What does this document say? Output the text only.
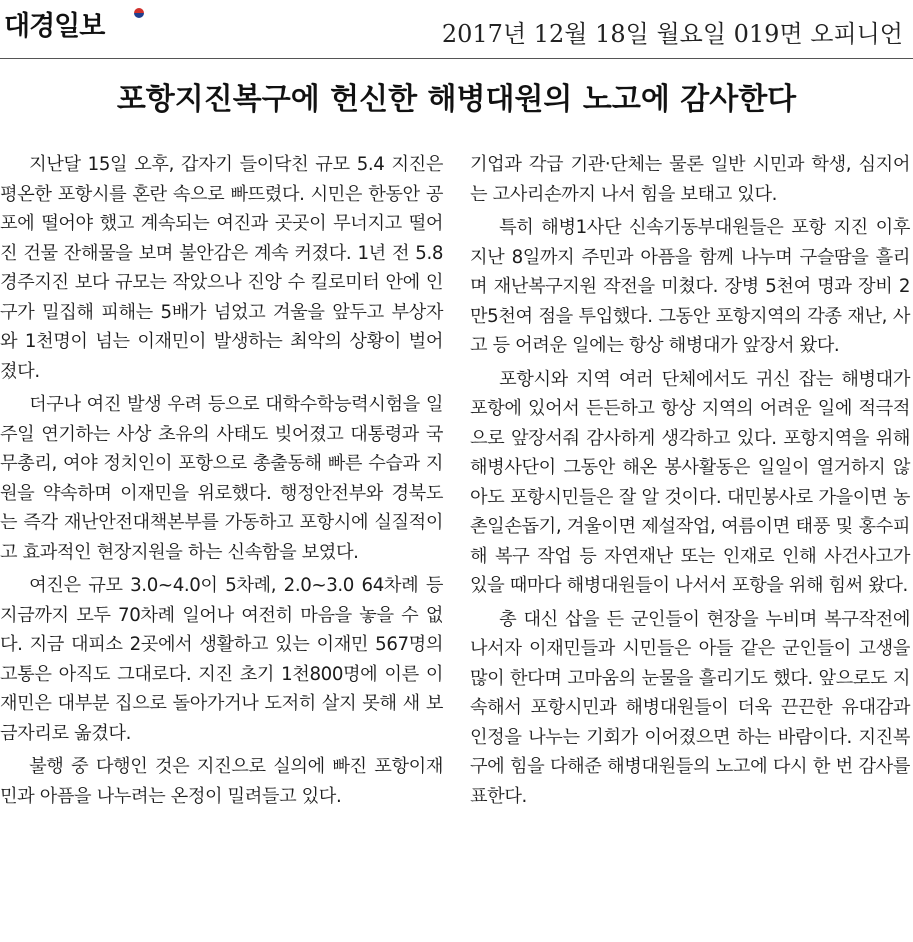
대경일보	2017년 12월 18일 월요일 019면 오피니언
포항지진복구에 헌신한 해병대원의 노고에 감사한다

지난달 15일 오후, 갑자기 들이닥친 규모 5.4 지진은 평온한 포항시를 혼란 속으로 빠뜨렸다. 시민은 한동안 공포에 떨어야 했고 계속되는 여진과 곳곳이 무너지고 떨어진 건물 잔해물을 보며 불안감은 계속 커졌다. 1년 전 5.8 경주지진 보다 규모는 작았으나 진앙 수 킬로미터 안에 인구가 밀집해 피해는 5배가 넘었고 겨울을 앞두고 부상자와 1천명이 넘는 이재민이 발생하는 최악의 상황이 벌어졌다.

더구나 여진 발생 우려 등으로 대학수학능력시험을 일주일 연기하는 사상 초유의 사태도 빚어졌고 대통령과 국무총리, 여야 정치인이 포항으로 총출동해 빠른 수습과 지원을 약속하며 이재민을 위로했다. 행정안전부와 경북도는 즉각 재난안전대책본부를 가동하고 포항시에 실질적이고 효과적인 현장지원을 하는 신속함을 보였다.

여진은 규모 3.0~4.0이 5차례, 2.0~3.0 64차례 등 지금까지 모두 70차례 일어나 여전히 마음을 놓을 수 없다. 지금 대피소 2곳에서 생활하고 있는 이재민 567명의 고통은 아직도 그대로다. 지진 초기 1천800명에 이른 이재민은 대부분 집으로 돌아가거나 도저히 살지 못해 새 보금자리로 옮겼다.

불행 중 다행인 것은 지진으로 실의에 빠진 포항이재민과 아픔을 나누려는 온정이 밀려들고 있다.

기업과 각급 기관·단체는 물론 일반 시민과 학생, 심지어는 고사리손까지 나서 힘을 보태고 있다.

특히 해병1사단 신속기동부대원들은 포항 지진 이후 지난 8일까지 주민과 아픔을 함께 나누며 구슬땀을 흘리며 재난복구지원 작전을 미쳤다. 장병 5천여 명과 장비 2만5천여 점을 투입했다. 그동안 포항지역의 각종 재난, 사고 등 어려운 일에는 항상 해병대가 앞장서 왔다.

포항시와 지역 여러 단체에서도 귀신 잡는 해병대가 포항에 있어서 든든하고 항상 지역의 어려운 일에 적극적으로 앞장서줘 감사하게 생각하고 있다. 포항지역을 위해 해병사단이 그동안 해온 봉사활동은 일일이 열거하지 않아도 포항시민들은 잘 알 것이다. 대민봉사로 가을이면 농촌일손돕기, 겨울이면 제설작업, 여름이면 태풍 및 홍수피해 복구 작업 등 자연재난 또는 인재로 인해 사건사고가 있을 때마다 해병대원들이 나서서 포항을 위해 힘써 왔다.

총 대신 삽을 든 군인들이 현장을 누비며 복구작전에 나서자 이재민들과 시민들은 아들 같은 군인들이 고생을 많이 한다며 고마움의 눈물을 흘리기도 했다. 앞으로도 지속해서 포항시민과 해병대원들이 더욱 끈끈한 유대감과 인정을 나누는 기회가 이어졌으면 하는 바람이다. 지진복구에 힘을 다해준 해병대원들의 노고에 다시 한 번 감사를 표한다.
